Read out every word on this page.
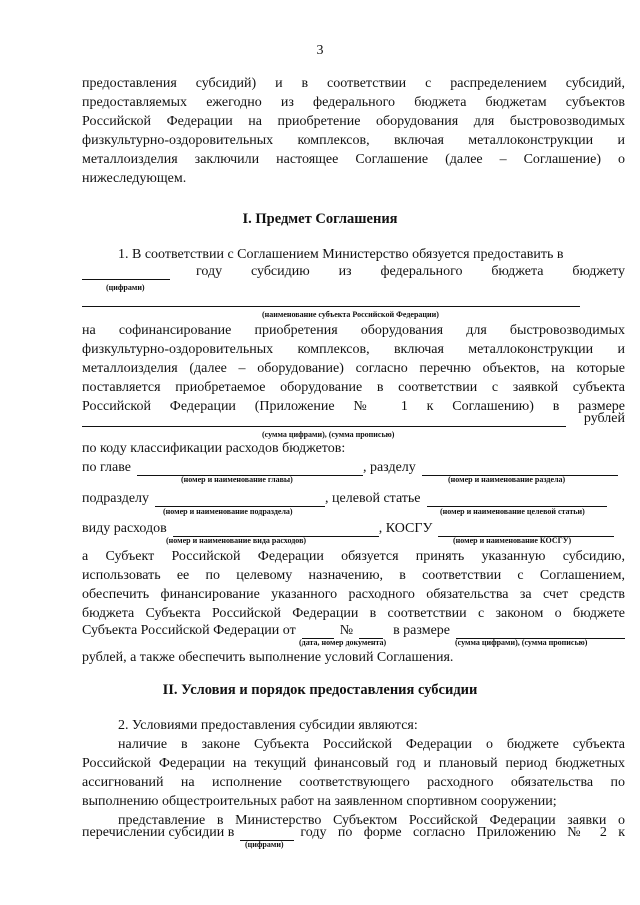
3
предоставления субсидий) и в соответствии с распределением субсидий,
предоставляемых ежегодно из федерального бюджета бюджетам субъектов
Российской Федерации на приобретение оборудования для быстровозводимых
физкультурно-оздоровительных комплексов, включая металлоконструкции и
металлоизделия заключили настоящее Соглашение (далее – Соглашение) о
нижеследующем.
I. Предмет Соглашения
1. В соответствии с Соглашением Министерство обязуется предоставить в
году субсидию из федерального бюджета бюджету
(цифрами)
(наименование субъекта Российской Федерации)
на софинансирование приобретения оборудования для быстровозводимых
физкультурно-оздоровительных комплексов, включая металлоконструкции и
металлоизделия (далее – оборудование) согласно перечню объектов, на которые
поставляется приобретаемое оборудование в соответствии с заявкой субъекта
Российской Федерации (Приложение № 1 к Соглашению) в размере
рублей
(сумма цифрами), (сумма прописью)
по коду классификации расходов бюджетов:
по главе	, разделу
(номер и наименование главы)	(номер и наименование раздела)
подразделу	, целевой статье
(номер и наименование подраздела)	(номер и наименование целевой статьи)
виду расходов	, КОСГУ
(номер и наименование вида расходов)	(номер и наименование КОСГУ)
а Субъект Российской Федерации обязуется принять указанную субсидию,
использовать ее по целевому назначению, в соответствии с Соглашением,
обеспечить финансирование указанного расходного обязательства за счет средств
бюджета Субъекта Российской Федерации в соответствии с законом о бюджете
Субъекта Российской Федерации от	№	в размере
(дата, номер документа)	(сумма цифрами), (сумма прописью)
рублей, а также обеспечить выполнение условий Соглашения.
II. Условия и порядок предоставления субсидии
2. Условиями предоставления субсидии являются:
наличие в законе Субъекта Российской Федерации о бюджете субъекта
Российской Федерации на текущий финансовый год и плановый период бюджетных
ассигнований на исполнение соответствующего расходного обязательства по
выполнению общестроительных работ на заявленном спортивном сооружении;
представление в Министерство Субъектом Российской Федерации заявки о
перечислении субсидии в	году по форме согласно Приложению № 2 к
(цифрами)
